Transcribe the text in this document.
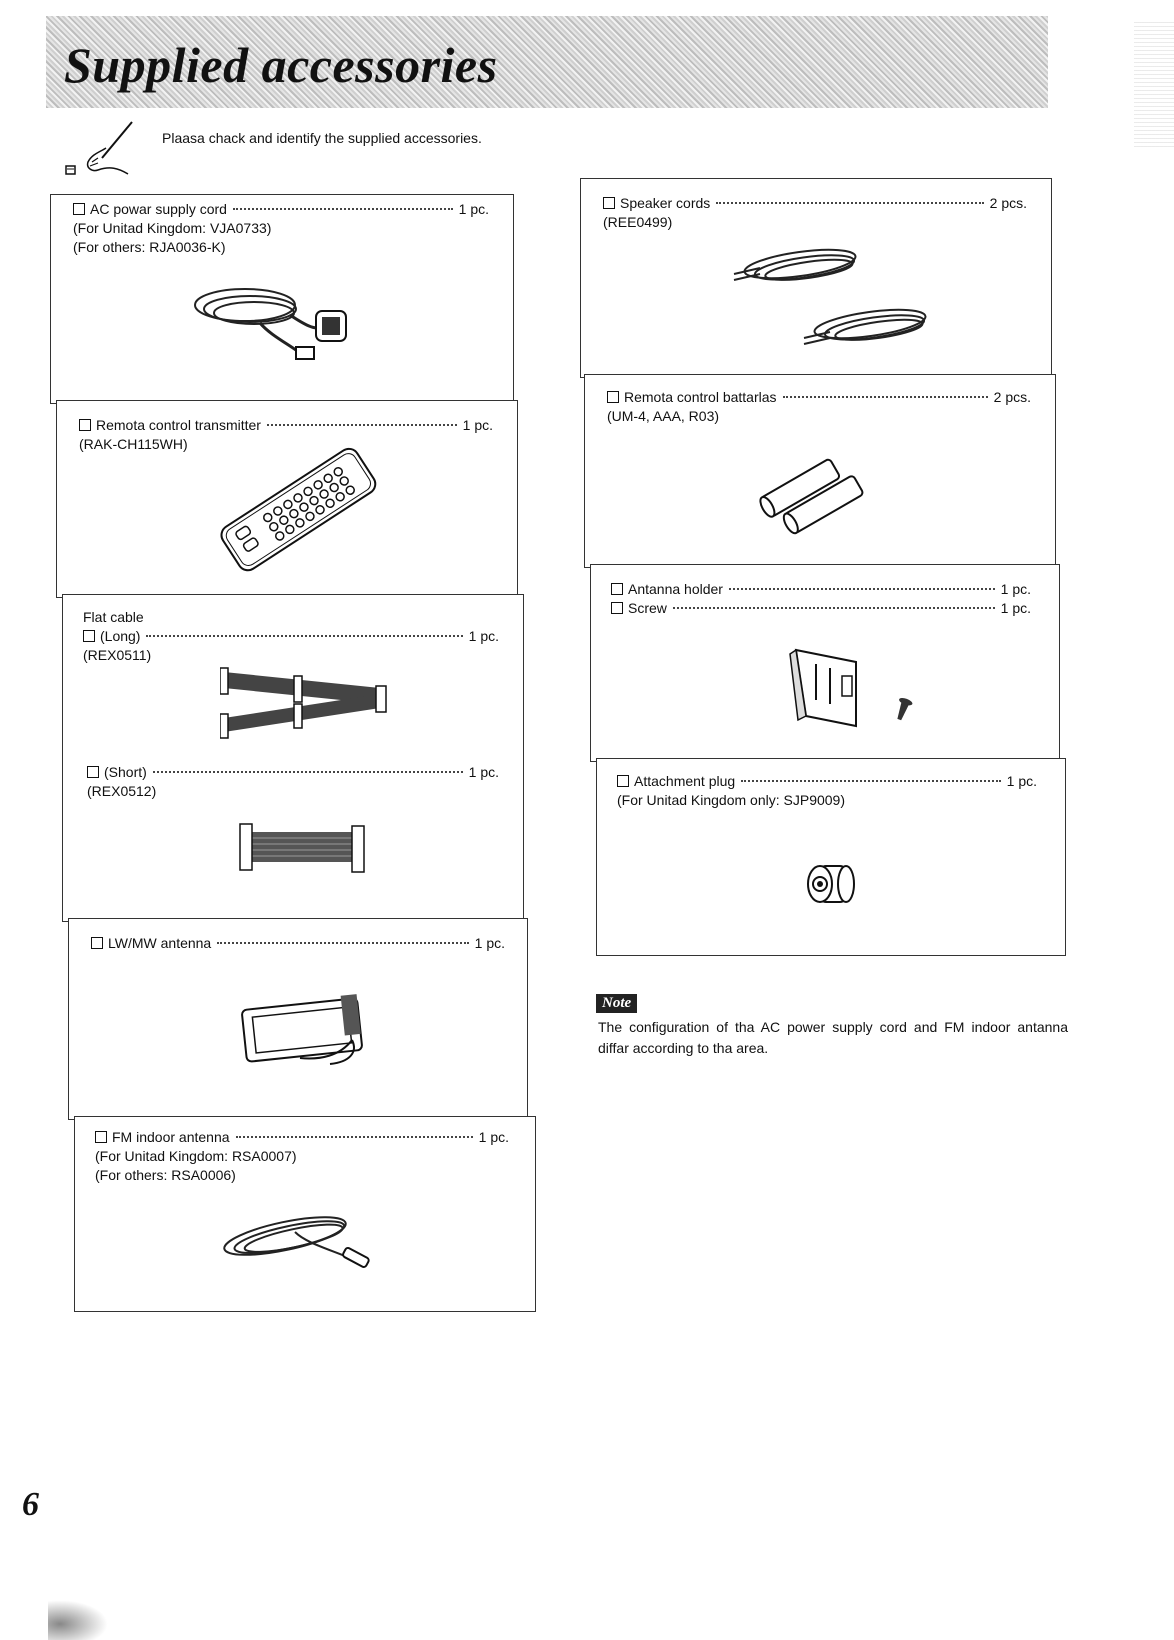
Supplied accessories
Plaasa chack and identify the supplied accessories.
AC powar supply cord	1 pc.
(For Unitad Kingdom: VJA0733)
(For others: RJA0036-K)
Remota control transmitter	1 pc.
(RAK-CH115WH)
Flat cable
(Long)	1 pc.
(REX0511)
(Short)	1 pc.
(REX0512)
LW/MW antenna	1 pc.
FM indoor antenna	1 pc.
(For Unitad Kingdom: RSA0007)
(For others: RSA0006)
Speaker cords	2 pcs.
(REE0499)
Remota control battarlas	2 pcs.
(UM-4, AAA, R03)
Antanna holder	1 pc.
Screw	1 pc.
Attachment plug	1 pc.
(For Unitad Kingdom only: SJP9009)
Note
The configuration of tha AC power supply cord and FM indoor antanna diffar according to tha area.
6
